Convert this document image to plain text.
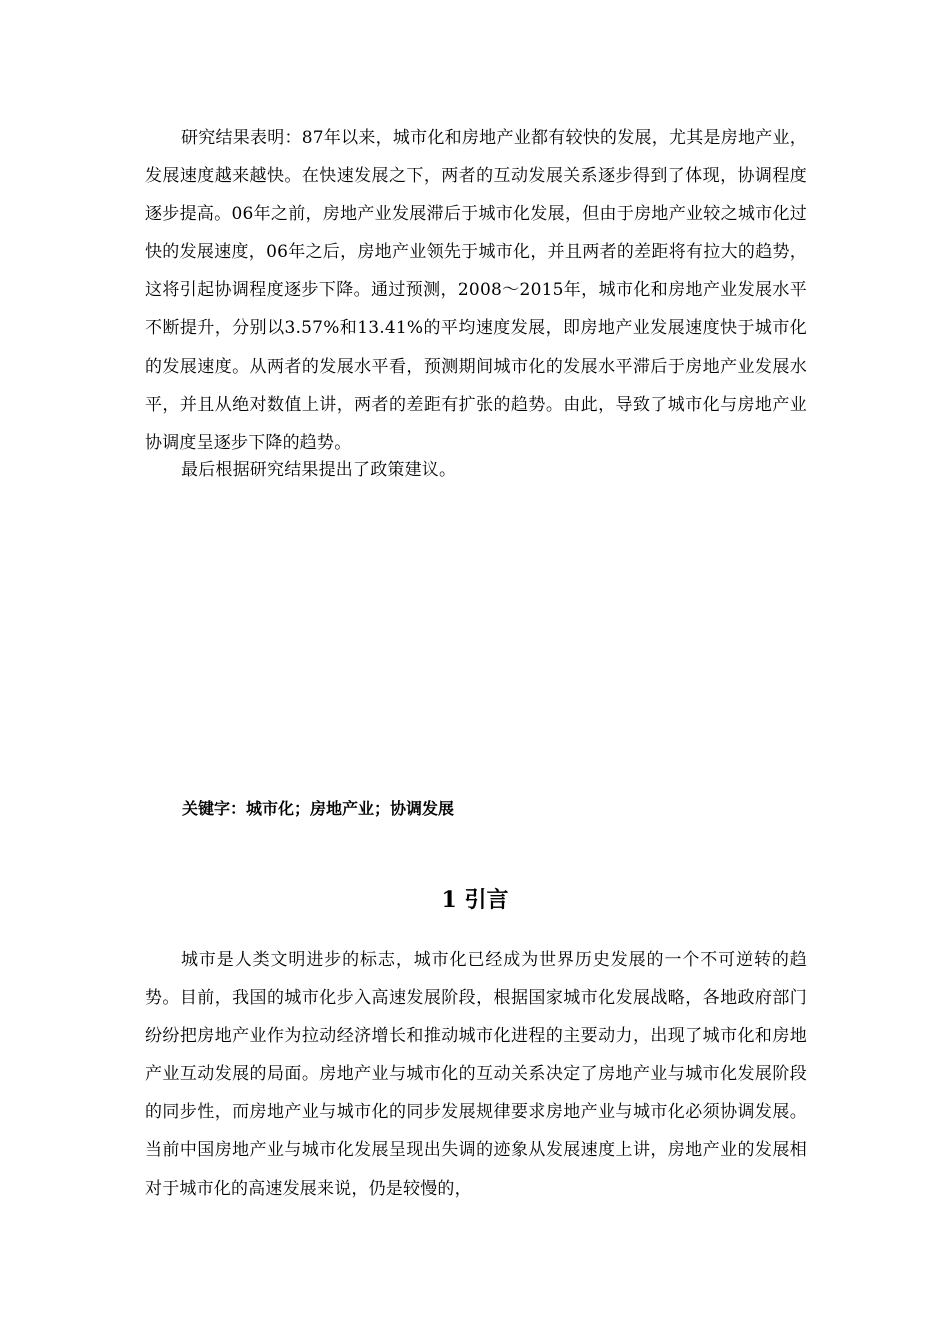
研究结果表明：87年以来，城市化和房地产业都有较快的发展，尤其是房地产业，发展速度越来越快。在快速发展之下，两者的互动发展关系逐步得到了体现，协调程度逐步提高。06年之前，房地产业发展滞后于城市化发展，但由于房地产业较之城市化过快的发展速度，06年之后，房地产业领先于城市化，并且两者的差距将有拉大的趋势，这将引起协调程度逐步下降。通过预测，2008～2015年，城市化和房地产业发展水平不断提升，分别以3.57%和13.41%的平均速度发展，即房地产业发展速度快于城市化的发展速度。从两者的发展水平看，预测期间城市化的发展水平滞后于房地产业发展水平，并且从绝对数值上讲，两者的差距有扩张的趋势。由此，导致了城市化与房地产业协调度呈逐步下降的趋势。

最后根据研究结果提出了政策建议。

关键字：城市化；房地产业；协调发展
1 引言

城市是人类文明进步的标志，城市化已经成为世界历史发展的一个不可逆转的趋势。目前，我国的城市化步入高速发展阶段，根据国家城市化发展战略，各地政府部门纷纷把房地产业作为拉动经济增长和推动城市化进程的主要动力，出现了城市化和房地产业互动发展的局面。房地产业与城市化的互动关系决定了房地产业与城市化发展阶段的同步性，而房地产业与城市化的同步发展规律要求房地产业与城市化必须协调发展。当前中国房地产业与城市化发展呈现出失调的迹象从发展速度上讲，房地产业的发展相对于城市化的高速发展来说，仍是较慢的，
